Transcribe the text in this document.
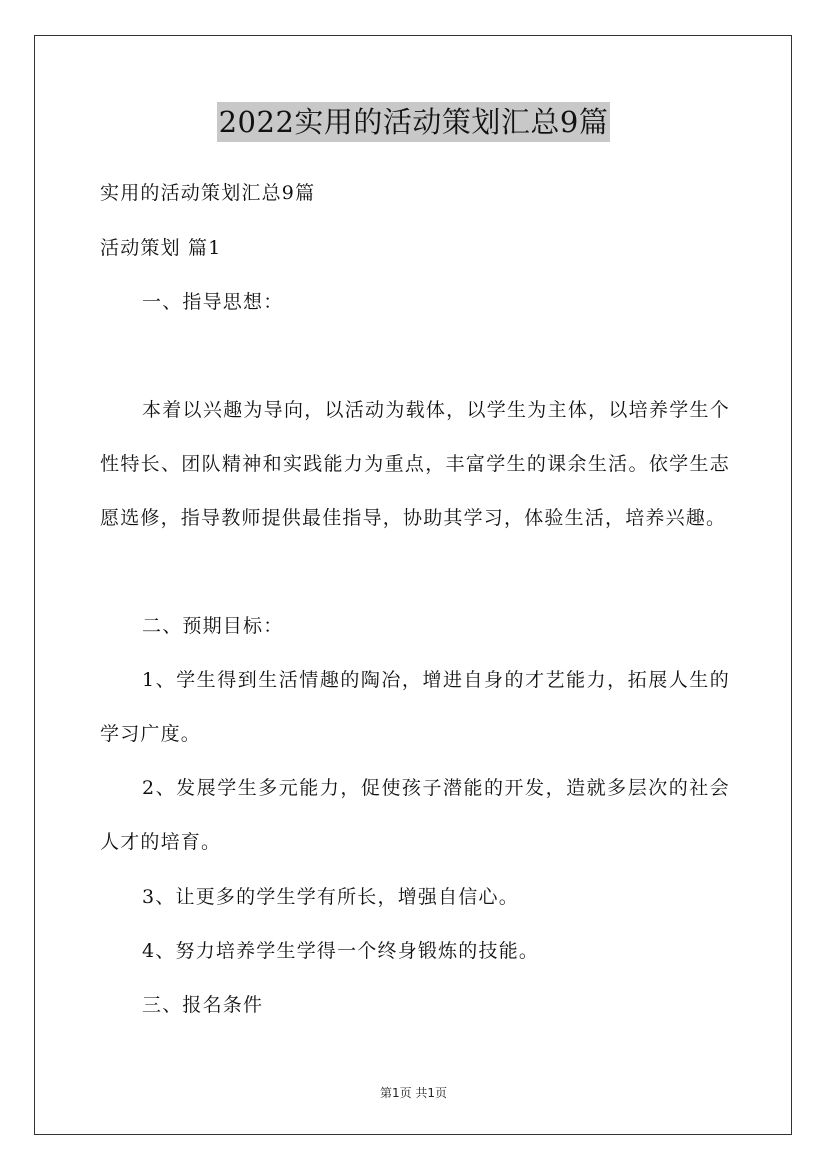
2022实用的活动策划汇总9篇
实用的活动策划汇总9篇
活动策划 篇1
一、指导思想：

本着以兴趣为导向，以活动为载体，以学生为主体，以培养学生个性特长、团队精神和实践能力为重点，丰富学生的课余生活。依学生志愿选修，指导教师提供最佳指导，协助其学习，体验生活，培养兴趣。

二、预期目标：

1、学生得到生活情趣的陶冶，增进自身的才艺能力，拓展人生的学习广度。

2、发展学生多元能力，促使孩子潜能的开发，造就多层次的社会人才的培育。

3、让更多的学生学有所长，增强自信心。
4、努力培养学生学得一个终身锻炼的技能。
三、报名条件
第1页 共1页
